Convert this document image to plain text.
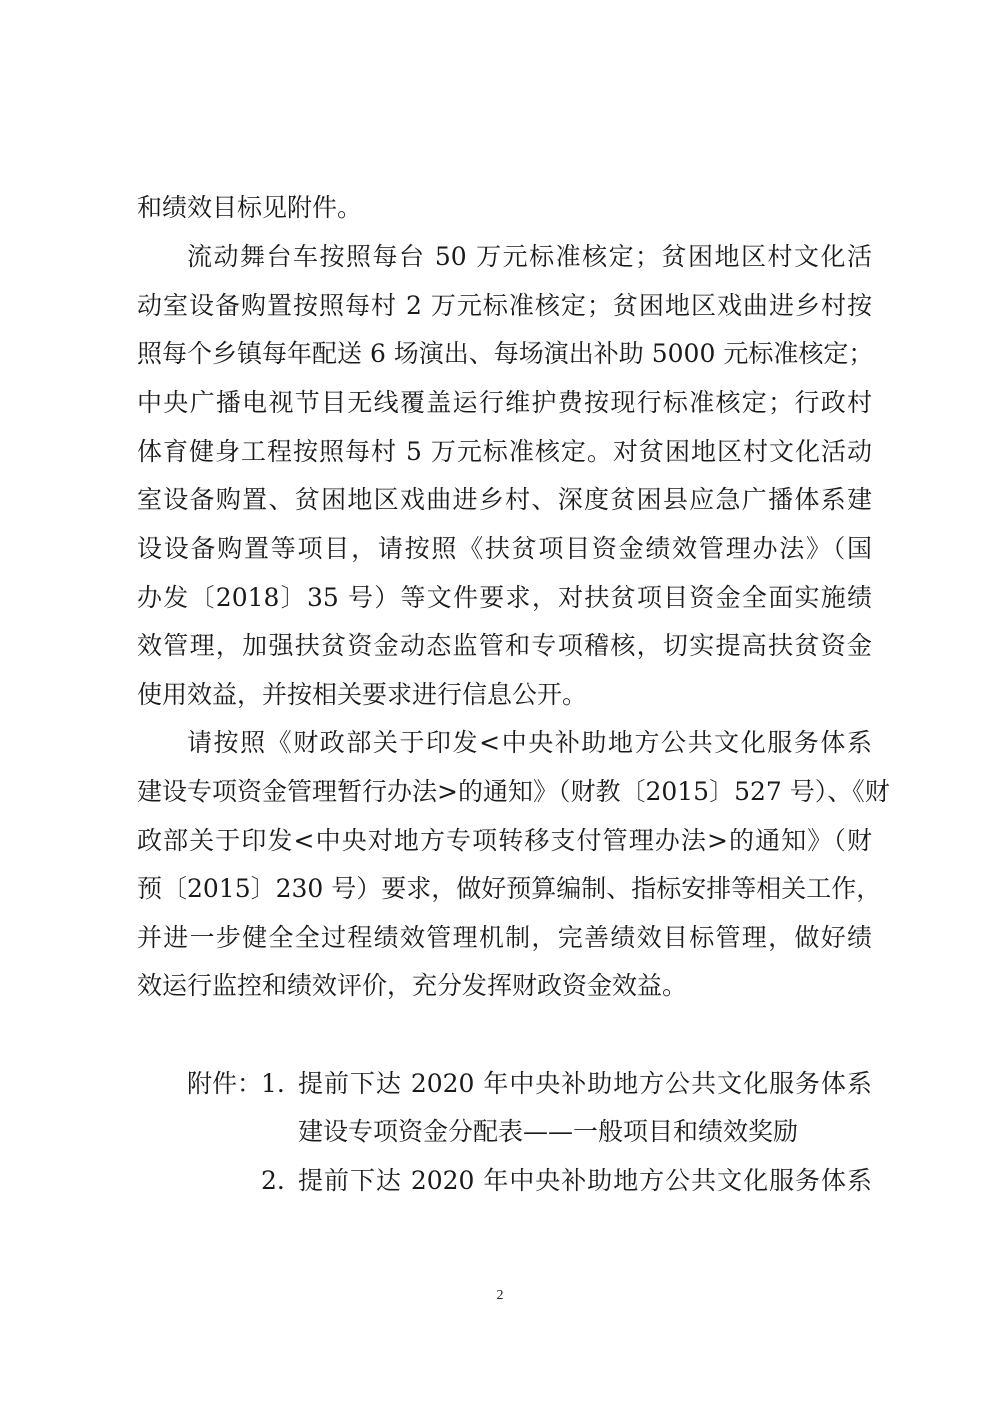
和绩效目标见附件。
流动舞台车按照每台 50 万元标准核定；贫困地区村文化活
动室设备购置按照每村 2 万元标准核定；贫困地区戏曲进乡村按
照每个乡镇每年配送 6 场演出、每场演出补助 5000 元标准核定；
中央广播电视节目无线覆盖运行维护费按现行标准核定；行政村
体育健身工程按照每村 5 万元标准核定。对贫困地区村文化活动
室设备购置、贫困地区戏曲进乡村、深度贫困县应急广播体系建
设设备购置等项目，请按照《扶贫项目资金绩效管理办法》（国
办发〔2018〕35 号）等文件要求，对扶贫项目资金全面实施绩
效管理，加强扶贫资金动态监管和专项稽核，切实提高扶贫资金
使用效益，并按相关要求进行信息公开。
请按照《财政部关于印发<中央补助地方公共文化服务体系
建设专项资金管理暂行办法>的通知》（财教〔2015〕527 号）、《财
政部关于印发<中央对地方专项转移支付管理办法>的通知》（财
预〔2015〕230 号）要求，做好预算编制、指标安排等相关工作，
并进一步健全全过程绩效管理机制，完善绩效目标管理，做好绩
效运行监控和绩效评价，充分发挥财政资金效益。
附件：
1. 提前下达 2020 年中央补助地方公共文化服务体系
建设专项资金分配表——一般项目和绩效奖励
2. 提前下达 2020 年中央补助地方公共文化服务体系
2
